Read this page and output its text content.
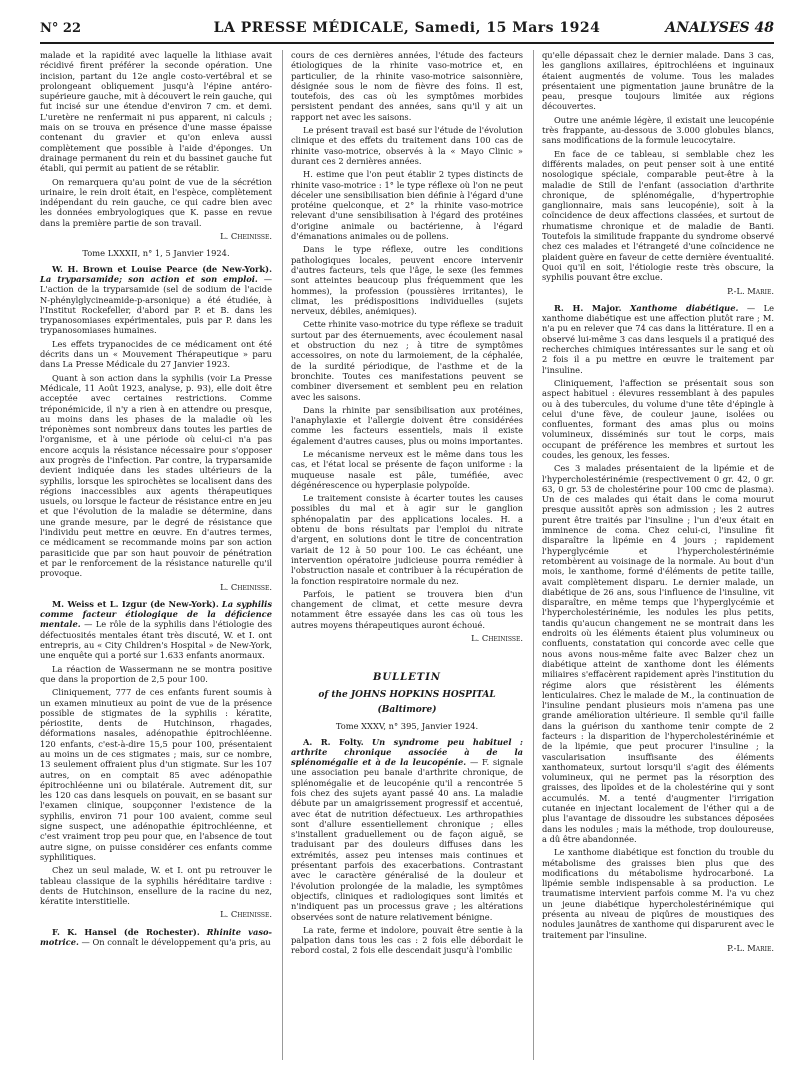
N° 22	LA PRESSE MÉDICALE, Samedi, 15 Mars 1924	ANALYSES 48

malade et la rapidité avec laquelle la lithiase avait récidivé firent préférer la seconde opération. Une incision, partant du 12e angle costo-vertébral et se prolongeant obliquement jusqu'à l'épine antéro-supérieure gauche, mit à découvert le rein gauche, qui fut incisé sur une étendue d'environ 7 cm. et demi. L'uretère ne renfermait ni pus apparent, ni calculs ; mais on se trouva en présence d'une masse épaisse contenant du gravier et qu'on enleva aussi complètement que possible à l'aide d'éponges. Un drainage permanent du rein et du bassinet gauche fut établi, qui permit au patient de se rétablir.

On remarquera qu'au point de vue de la sécrétion urinaire, le rein droit était, en l'espèce, complètement indépendant du rein gauche, ce qui cadre bien avec les données embryologiques que K. passe en revue dans la première partie de son travail.

L. Cheinisse.

Tome LXXXII, n° 1, 5 Janvier 1924.

W. H. Brown et Louise Pearce (de New-York). La tryparsamide; son action et son emploi. — L'action de la tryparsamide (sel de sodium de l'acide N-phénylglycineamide-p-arsonique) a été étudiée, à l'Institut Rockefeller, d'abord par P. et B. dans les trypanosomiases expérimentales, puis par P. dans les trypanosomiases humaines.

Les effets trypanocides de ce médicament ont été décrits dans un « Mouvement Thérapeutique » paru dans La Presse Médicale du 27 Janvier 1923.

Quant à son action dans la syphilis (voir La Presse Médicale, 11 Août 1923, analyse, p. 93), elle doit être acceptée avec certaines restrictions. Comme tréponémicide, il n'y a rien à en attendre ou presque, au moins dans les phases de la maladie où les tréponèmes sont nombreux dans toutes les parties de l'organisme, et à une période où celui-ci n'a pas encore acquis la résistance nécessaire pour s'opposer aux progrès de l'infection. Par contre, la tryparsamide devient indiquée dans les stades ultérieurs de la syphilis, lorsque les spirochètes se localisent dans des régions inaccessibles aux agents thérapeutiques usuels, ou lorsque le facteur de résistance entre en jeu et que l'évolution de la maladie se détermine, dans une grande mesure, par le degré de résistance que l'individu peut mettre en œuvre. En d'autres termes, ce médicament se recommande moins par son action parasiticide que par son haut pouvoir de pénétration et par le renforcement de la résistance naturelle qu'il provoque.

L. Cheinisse.

M. Weiss et L. Izgur (de New-York). La syphilis comme facteur étiologique de la déficience mentale. — Le rôle de la syphilis dans l'étiologie des défectuosités mentales étant très discuté, W. et I. ont entrepris, au « City Children's Hospital » de New-York, une enquête qui a porté sur 1.633 enfants anormaux.

La réaction de Wassermann ne se montra positive que dans la proportion de 2,5 pour 100.

Cliniquement, 777 de ces enfants furent soumis à un examen minutieux au point de vue de la présence possible de stigmates de la syphilis : kératite, périostite, dents de Hutchinson, rhagades, déformations nasales, adénopathie épitrochléenne. 120 enfants, c'est-à-dire 15,5 pour 100, présentaient au moins un de ces stigmates ; mais, sur ce nombre, 13 seulement offraient plus d'un stigmate. Sur les 107 autres, on en comptait 85 avec adénopathie épitrochléenne uni ou bilatérale. Autrement dit, sur les 120 cas dans lesquels on pouvait, en se basant sur l'examen clinique, soupçonner l'existence de la syphilis, environ 71 pour 100 avaient, comme seul signe suspect, une adénopathie épitrochléenne, et c'est vraiment trop peu pour que, en l'absence de tout autre signe, on puisse considérer ces enfants comme syphilitiques.

Chez un seul malade, W. et I. ont pu retrouver le tableau classique de la syphilis héréditaire tardive : dents de Hutchinson, ensellure de la racine du nez, kératite interstitielle.

L. Cheinisse.

F. K. Hansel (de Rochester). Rhinite vaso-motrice. — On connaît le développement qu'a pris, au

cours de ces dernières années, l'étude des facteurs étiologiques de la rhinite vaso-motrice et, en particulier, de la rhinite vaso-motrice saisonnière, désignée sous le nom de fièvre des foins. Il est, toutefois, des cas où les symptômes morbides persistent pendant des années, sans qu'il y ait un rapport net avec les saisons.

Le présent travail est basé sur l'étude de l'évolution clinique et des effets du traitement dans 100 cas de rhinite vaso-motrice, observés à la « Mayo Clinic » durant ces 2 dernières années.

H. estime que l'on peut établir 2 types distincts de rhinite vaso-motrice : 1° le type réflexe où l'on ne peut déceler une sensibilisation bien définie à l'égard d'une protéine quelconque, et 2° la rhinite vaso-motrice relevant d'une sensibilisation à l'égard des protéines d'origine animale ou bactérienne, à l'égard d'émanations animales ou de pollens.

Dans le type réflexe, outre les conditions pathologiques locales, peuvent encore intervenir d'autres facteurs, tels que l'âge, le sexe (les femmes sont atteintes beaucoup plus fréquemment que les hommes), la profession (poussières irritantes), le climat, les prédispositions individuelles (sujets nerveux, débiles, anémiques).

Cette rhinite vaso-motrice du type réflexe se traduit surtout par des éternuements, avec écoulement nasal et obstruction du nez ; à titre de symptômes accessoires, on note du larmoiement, de la céphalée, de la surdité périodique, de l'asthme et de la bronchite. Toutes ces manifestations peuvent se combiner diversement et semblent peu en relation avec les saisons.

Dans la rhinite par sensibilisation aux protéines, l'anaphylaxie et l'allergie doivent être considérées comme les facteurs essentiels, mais il existe également d'autres causes, plus ou moins importantes.

Le mécanisme nerveux est le même dans tous les cas, et l'état local se présente de façon uniforme : la muqueuse nasale est pâle, tuméfiée, avec dégénérescence ou hyperplasie polypoïde.

Le traitement consiste à écarter toutes les causes possibles du mal et à agir sur le ganglion sphénopalatin par des applications locales. H. a obtenu de bons résultats par l'emploi du nitrate d'argent, en solutions dont le titre de concentration variait de 12 à 50 pour 100. Le cas échéant, une intervention opératoire judicieuse pourra remédier à l'obstruction nasale et contribuer à la récupération de la fonction respiratoire normale du nez.

Parfois, le patient se trouvera bien d'un changement de climat, et cette mesure devra notamment être essayée dans les cas où tous les autres moyens thérapeutiques auront échoué.

L. Cheinisse.

BULLETIN
of the JOHNS HOPKINS HOSPITAL
(Baltimore)

Tome XXXV, n° 395, Janvier 1924.

A. R. Folty. Un syndrome peu habituel : arthrite chronique associée à de la splénomégalie et à de la leucopénie. — F. signale une association peu banale d'arthrite chronique, de splénomégalie et de leucopénie qu'il a rencontrée 5 fois chez des sujets ayant passé 40 ans. La maladie débute par un amaigrissement progressif et accentué, avec état de nutrition défectueux. Les arthropathies sont d'allure essentiellement chronique ; elles s'installent graduellement ou de façon aiguë, se traduisant par des douleurs diffuses dans les extrémités, assez peu intenses mais continues et présentant parfois des exacerbations. Contrastant avec le caractère généralisé de la douleur et l'évolution prolongée de la maladie, les symptômes objectifs, cliniques et radiologiques sont limités et n'indiquent pas un processus grave ; les altérations observées sont de nature relativement bénigne.

La rate, ferme et indolore, pouvait être sentie à la palpation dans tous les cas : 2 fois elle débordait le rebord costal, 2 fois elle descendait jusqu'à l'ombilic

qu'elle dépassait chez le dernier malade. Dans 3 cas, les ganglions axillaires, épitrochléens et inguinaux étaient augmentés de volume. Tous les malades présentaient une pigmentation jaune brunâtre de la peau, presque toujours limitée aux régions découvertes.

Outre une anémie légère, il existait une leucopénie très frappante, au-dessous de 3.000 globules blancs, sans modifications de la formule leucocytaire.

En face de ce tableau, si semblable chez les différents malades, on peut penser soit à une entité nosologique spéciale, comparable peut-être à la maladie de Still de l'enfant (association d'arthrite chronique, de splénomégalie, d'hypertrophie ganglionnaire, mais sans leucopénie), soit à la coïncidence de deux affections classées, et surtout de rhumatisme chronique et de maladie de Banti. Toutefois la similitude frappante du syndrome observé chez ces malades et l'étrangeté d'une coïncidence ne plaident guère en faveur de cette dernière éventualité. Quoi qu'il en soit, l'étiologie reste très obscure, la syphilis pouvant être exclue.

P.-L. Marie.

R. H. Major. Xanthome diabétique. — Le xanthome diabétique est une affection plutôt rare ; M. n'a pu en relever que 74 cas dans la littérature. Il en a observé lui-même 3 cas dans lesquels il a pratiqué des recherches chimiques intéressantes sur le sang et où 2 fois il a pu mettre en œuvre le traitement par l'insuline.

Cliniquement, l'affection se présentait sous son aspect habituel : élevures ressemblant à des papules ou à des tubercules, du volume d'une tête d'épingle à celui d'une fève, de couleur jaune, isolées ou confluentes, formant des amas plus ou moins volumineux, disséminés sur tout le corps, mais occupant de préférence les membres et surtout les coudes, les genoux, les fesses.

Ces 3 malades présentaient de la lipémie et de l'hypercholestérinémie (respectivement 0 gr. 42, 0 gr. 63, 0 gr. 53 de cholestérine pour 100 cmc de plasma). Un de ces malades qui était dans le coma mourut presque aussitôt après son admission ; les 2 autres purent être traités par l'insuline ; l'un d'eux était en imminence de coma. Chez celui-ci, l'insuline fit disparaître la lipémie en 4 jours ; rapidement l'hyperglycémie et l'hypercholestérinémie retombèrent au voisinage de la normale. Au bout d'un mois, le xanthome, formé d'éléments de petite taille, avait complètement disparu. Le dernier malade, un diabétique de 26 ans, sous l'influence de l'insuline, vit disparaître, en même temps que l'hyperglycémie et l'hypercholestérinémie, les nodules les plus petits, tandis qu'aucun changement ne se montrait dans les endroits où les éléments étaient plus volumineux ou confluents, constatation qui concorde avec celle que nous avons nous-même faite avec Balzer chez un diabétique atteint de xanthome dont les éléments miliaires s'effacèrent rapidement après l'institution du régime alors que résistèrent les éléments lenticulaires. Chez le malade de M., la continuation de l'insuline pendant plusieurs mois n'amena pas une grande amélioration ultérieure. Il semble qu'il faille dans la guérison du xanthome tenir compte de 2 facteurs : la disparition de l'hypercholestérinémie et de la lipémie, que peut procurer l'insuline ; la vascularisation insuffisante des éléments xanthomateux, surtout lorsqu'il s'agit des éléments volumineux, qui ne permet pas la résorption des graisses, des lipoïdes et de la cholestérine qui y sont accumulés. M. a tenté d'augmenter l'irrigation cutanée en injectant localement de l'éther qui a de plus l'avantage de dissoudre les substances déposées dans les nodules ; mais la méthode, trop douloureuse, a dû être abandonnée.

Le xanthome diabétique est fonction du trouble du métabolisme des graisses bien plus que des modifications du métabolisme hydrocarboné. La lipémie semble indispensable à sa production. Le traumatisme intervient parfois comme M. l'a vu chez un jeune diabétique hypercholestérinémique qui présenta au niveau de piqûres de moustiques des nodules jaunâtres de xanthome qui disparurent avec le traitement par l'insuline.

P.-L. Marie.
